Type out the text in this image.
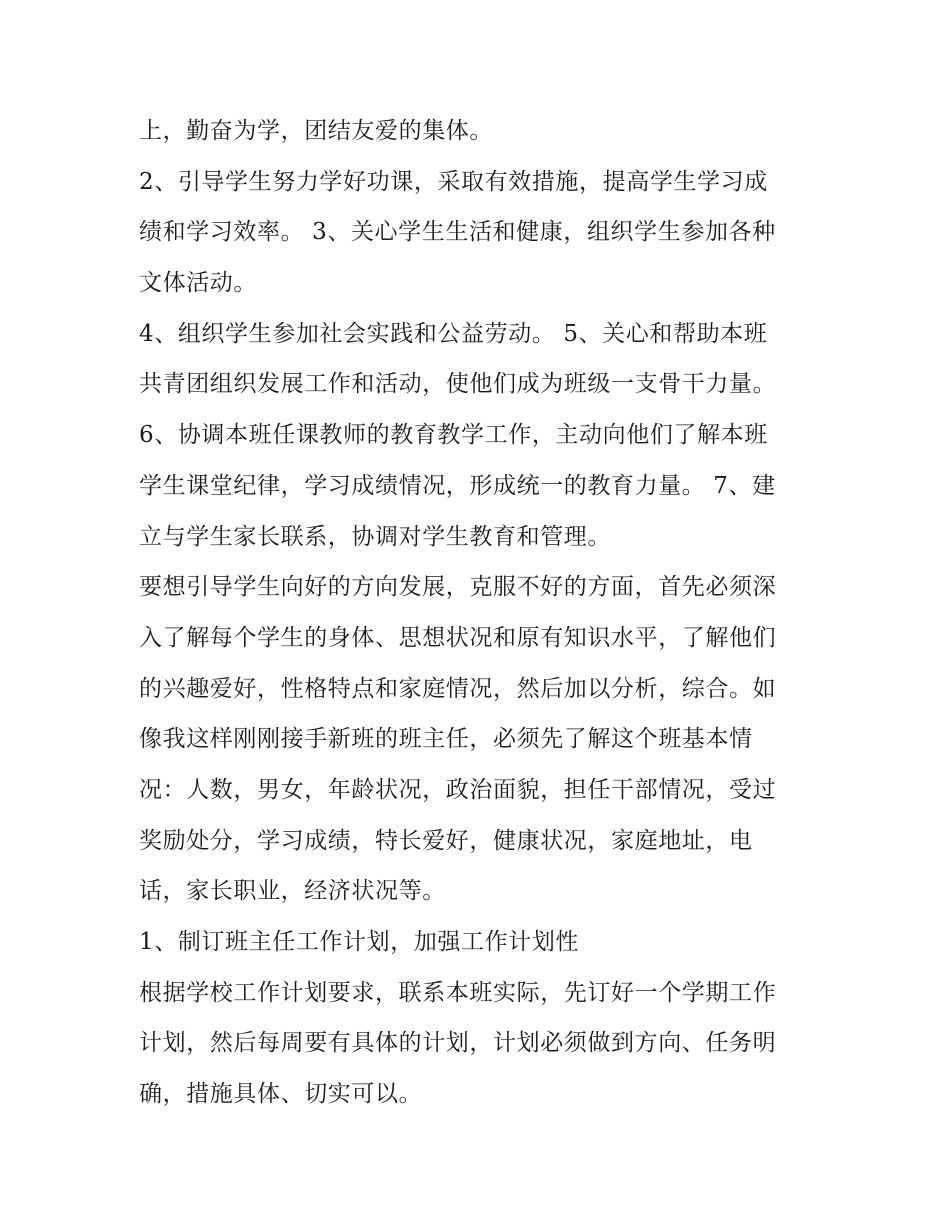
上，勤奋为学，团结友爱的集体。
2、引导学生努力学好功课，采取有效措施，提高学生学习成
绩和学习效率。 3、关心学生生活和健康，组织学生参加各种
文体活动。
4、组织学生参加社会实践和公益劳动。 5、关心和帮助本班
共青团组织发展工作和活动，使他们成为班级一支骨干力量。
6、协调本班任课教师的教育教学工作，主动向他们了解本班
学生课堂纪律，学习成绩情况，形成统一的教育力量。 7、建
立与学生家长联系，协调对学生教育和管理。
要想引导学生向好的方向发展，克服不好的方面，首先必须深
入了解每个学生的身体、思想状况和原有知识水平，了解他们
的兴趣爱好，性格特点和家庭情况，然后加以分析，综合。如
像我这样刚刚接手新班的班主任，必须先了解这个班基本情
况：人数，男女，年龄状况，政治面貌，担任干部情况，受过
奖励处分，学习成绩，特长爱好，健康状况，家庭地址，电
话，家长职业，经济状况等。
1、制订班主任工作计划，加强工作计划性
根据学校工作计划要求，联系本班实际，先订好一个学期工作
计划，然后每周要有具体的计划，计划必须做到方向、任务明
确，措施具体、切实可以。
